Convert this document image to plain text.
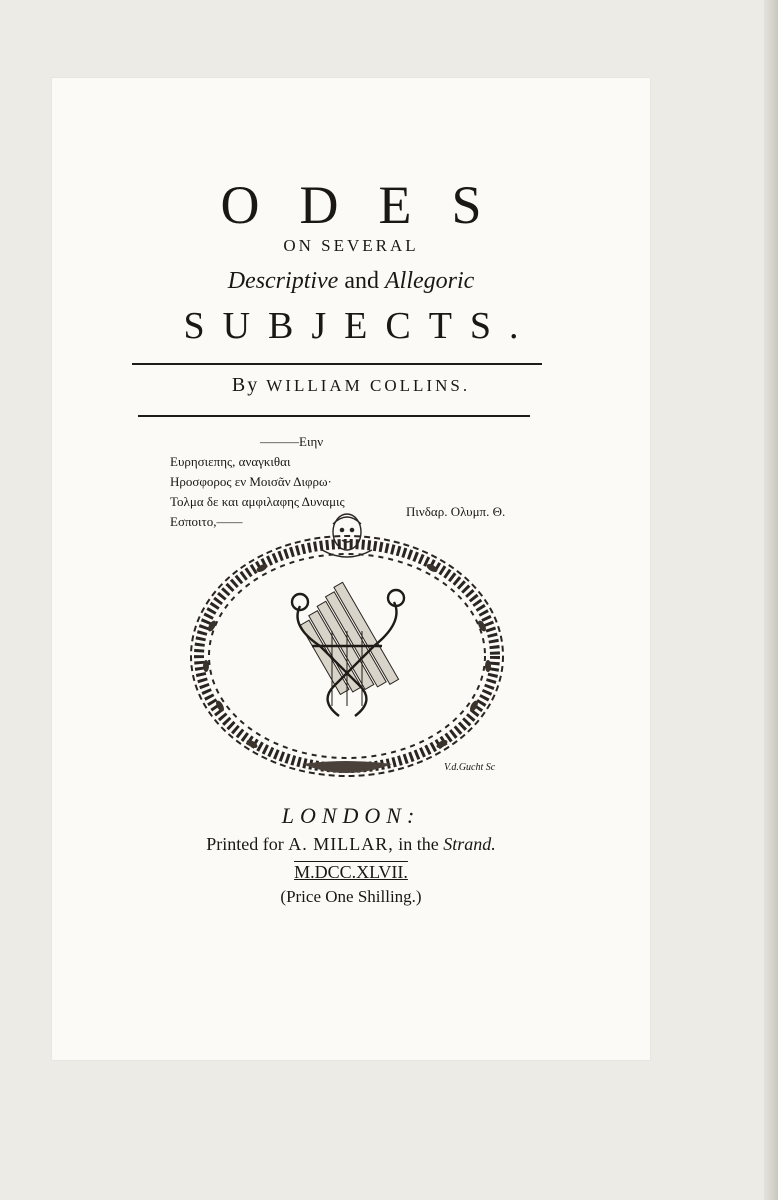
ODES
ON SEVERAL
Descriptive and Allegoric
SUBJECTS.
By WILLIAM COLLINS.
———Ειην
Ευρησιεπης, αναγκιθαι
Ηροσφορος εν Μοισᾶν Διφρω·
Τολμα δε και αμφιλαφης Δυναμις
Εσποιτο,——
Πινδαρ. Ολυμπ. Θ.
V.d.Gucht Sc
LONDON:
Printed for A. MILLAR, in the Strand.
M.DCC.XLVII.
(Price One Shilling.)
